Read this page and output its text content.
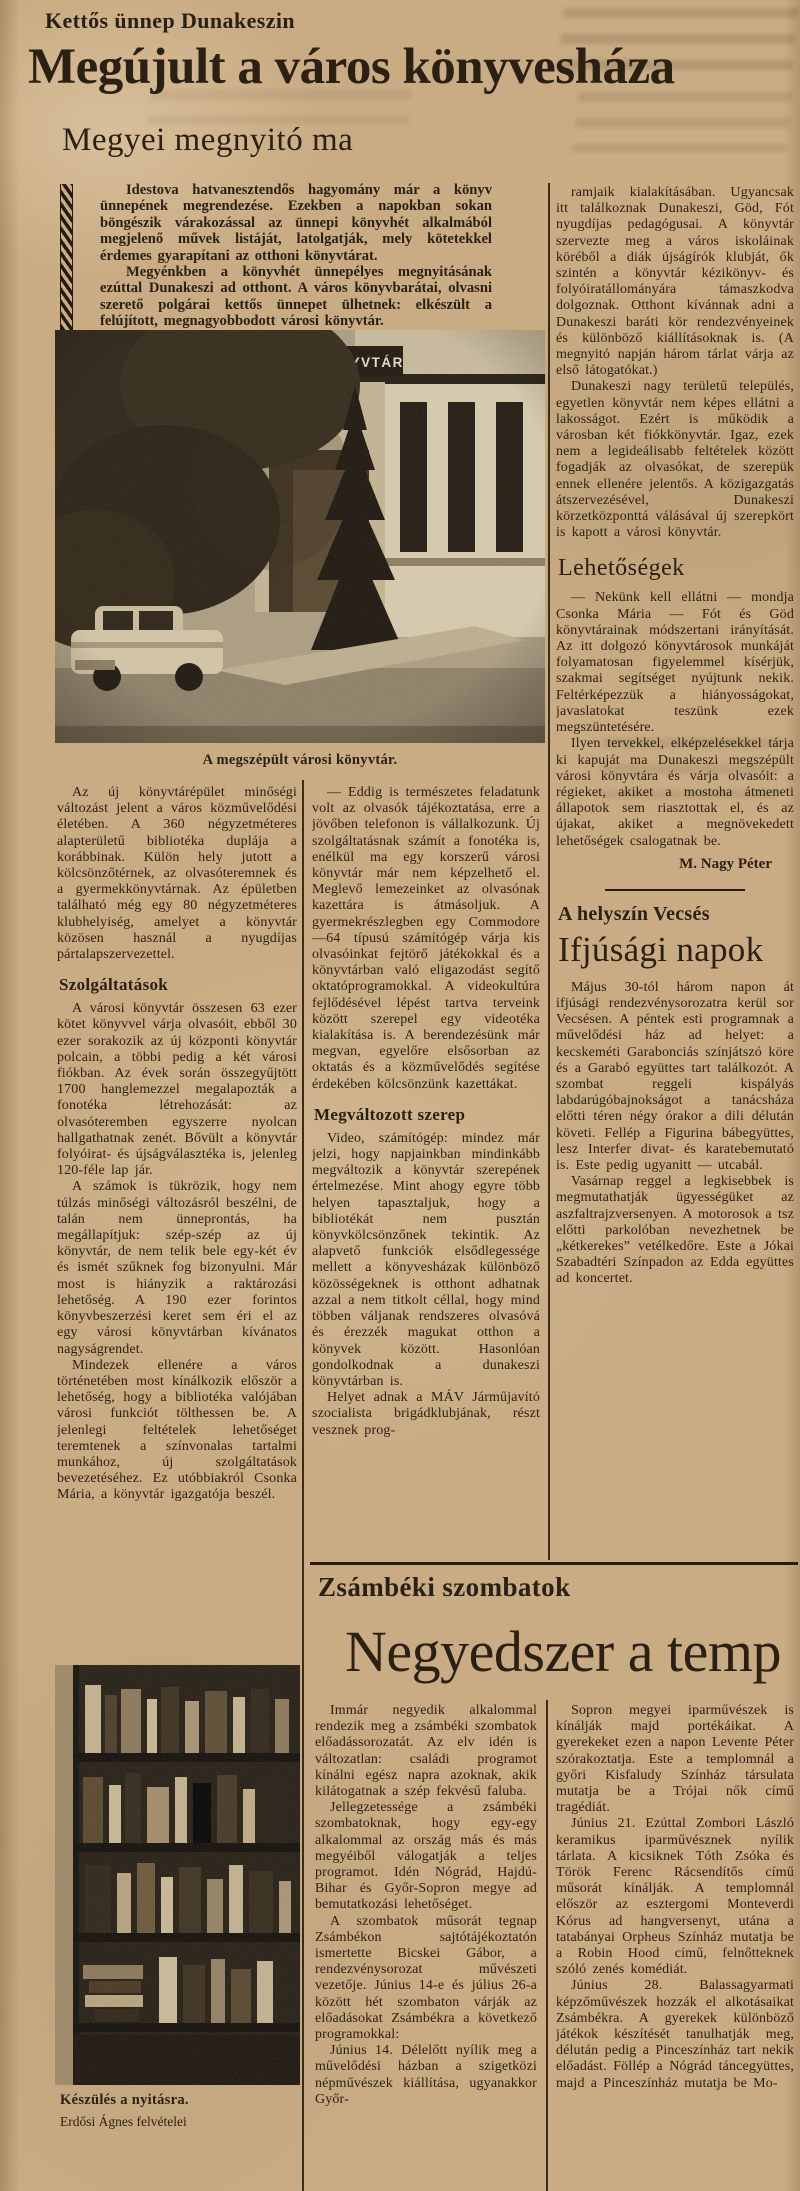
Kettős ünnep Dunakeszin
Megújult a város könyvesháza
Megyei megnyitó ma

Idestova hatvanesztendős hagyomány már a könyv ünnepének megrendezése. Ezekben a napokban sokan böngészik várakozással az ünnepi könyvhét alkalmából megjelenő művek listáját, latolgatják, mely kötetekkel érdemes gyarapítani az otthoni könyvtárat.

Megyénkben a könyvhét ünnepélyes megnyitásának ezúttal Dunakeszi ad otthont. A város könyvbarátai, olvasni szerető polgárai kettős ünnepet ülhetnek: elkészült a felújított, megnagyobbodott városi könyvtár.

A megszépült városi könyvtár.

Az új könyvtárépület minőségi változást jelent a város közművelődési életében. A 360 négyzetméteres alapterületű bibliotéka duplája a korábbinak. Külön hely jutott a kölcsönzőtérnek, az olvasóteremnek és a gyermekkönyvtárnak. Az épületben található még egy 80 négyzetméteres klubhelyiség, amelyet a könyvtár közösen használ a nyugdíjas pártalapszervezettel.

Szolgáltatások

A városi könyvtár összesen 63 ezer kötet könyvvel várja olvasóit, ebből 30 ezer sorakozik az új központi könyvtár polcain, a többi pedig a két városi fiókban. Az évek során összegyűjtött 1700 hanglemezzel megalapozták a fonotéka létrehozását: az olvasóteremben egyszerre nyolcan hallgathatnak zenét. Bővült a könyvtár folyóirat- és újságválasztéka is, jelenleg 120-féle lap jár.

A számok is tükrözik, hogy nem túlzás minőségi változásról beszélni, de talán nem ünneprontás, ha megállapítjuk: szép-szép az új könyvtár, de nem telik bele egy-két év és ismét szűknek fog bizonyulni. Már most is hiányzik a raktározási lehetőség. A 190 ezer forintos könyvbeszerzési keret sem éri el az egy városi könyvtárban kívánatos nagyságrendet.

Mindezek ellenére a város történetében most kínálkozik először a lehetőség, hogy a bibliotéka valójában városi funkciót tölthessen be. A jelenlegi feltételek lehetőséget teremtenek a színvonalas tartalmi munkához, új szolgáltatások bevezetéséhez. Ez utóbbiakról Csonka Mária, a könyvtár igazgatója beszél.

— Eddig is természetes feladatunk volt az olvasók tájékoztatása, erre a jövőben telefonon is vállalkozunk. Új szolgáltatásnak számít a fonotéka is, enélkül ma egy korszerű városi könyvtár már nem képzelhető el. Meglevő lemezeinket az olvasónak kazettára is átmásoljuk. A gyermekrészlegben egy Commodore—64 típusú számítógép várja kis olvasóinkat fejtörő játékokkal és a könyvtárban való eligazodást segítő oktatóprogramokkal. A videokultúra fejlődésével lépést tartva terveink között szerepel egy videotéka kialakítása is. A berendezésünk már megvan, egyelőre elsősorban az oktatás és a közművelődés segítése érdekében kölcsönzünk kazettákat.

Megváltozott szerep

Video, számítógép: mindez már jelzi, hogy napjainkban mindinkább megváltozik a könyvtár szerepének értelmezése. Mint ahogy egyre több helyen tapasztaljuk, hogy a bibliotékát nem pusztán könyvkölcsönzőnek tekintik. Az alapvető funkciók elsődlegessége mellett a könyvesházak különböző közösségeknek is otthont adhatnak azzal a nem titkolt céllal, hogy mind többen váljanak rendszeres olvasóvá és érezzék magukat otthon a könyvek között. Hasonlóan gondolkodnak a dunakeszi könyvtárban is.

Helyet adnak a MÁV Járműjavító szocialista brigádklubjának, részt vesznek prog-

ramjaik kialakításában. Ugyancsak itt találkoznak Dunakeszi, Göd, Fót nyugdíjas pedagógusai. A könyvtár szervezte meg a város iskoláinak köréből a diák újságírók klubját, ők szintén a könyvtár kézikönyv- és folyóiratállományára támaszkodva dolgoznak. Otthont kívánnak adni a Dunakeszi baráti kör rendezvényeinek és különböző kiállításoknak is. (A megnyitó napján három tárlat várja az első látogatókat.)

Dunakeszi nagy területű település, egyetlen könyvtár nem képes ellátni a lakosságot. Ezért is működik a városban két fiókkönyvtár. Igaz, ezek nem a legideálisabb feltételek között fogadják az olvasókat, de szerepük ennek ellenére jelentős. A közigazgatás átszervezésével, Dunakeszi körzetközponttá válásával új szerepkört is kapott a városi könyvtár.

Lehetőségek

— Nekünk kell ellátni — mondja Csonka Mária — Fót és Göd könyvtárainak módszertani irányítását. Az itt dolgozó könyvtárosok munkáját folyamatosan figyelemmel kísérjük, szakmai segítséget nyújtunk nekik. Feltérképezzük a hiányosságokat, javaslatokat teszünk ezek megszüntetésére.

Ilyen tervekkel, elképzelésekkel tárja ki kapuját ma Dunakeszi megszépült városi könyvtára és várja olvasóit: a régieket, akiket a mostoha átmeneti állapotok sem riasztottak el, és az újakat, akiket a megnövekedett lehetőségek csalogatnak be.

M. Nagy Péter
A helyszín Vecsés
Ifjúsági napok

Május 30-tól három napon át ifjúsági rendezvénysorozatra kerül sor Vecsésen. A péntek esti programnak a művelődési ház ad helyet: a kecskeméti Garabonciás színjátszó köre és a Garabó együttes tart találkozót. A szombat reggeli kispályás labdarúgóbajnokságot a tanácsháza előtti téren négy órakor a dili délután követi. Fellép a Figurina bábegyüttes, lesz Interfer divat- és karatebemutató is. Este pedig ugyanitt — utcabál.

Vasárnap reggel a legkisebbek is megmutathatják ügyességüket az aszfaltrajzversenyen. A motorosok a tsz előtti parkolóban nevezhetnek be „kétkerekes” vetélkedőre. Este a Jókai Szabadtéri Színpadon az Edda együttes ad koncertet.

Zsámbéki szombatok
Negyedszer a temp
Készülés a nyitásra.
Erdősi Ágnes felvételei

Immár negyedik alkalommal rendezik meg a zsámbéki szombatok előadássorozatát. Az elv idén is változatlan: családi programot kínálni egész napra azoknak, akik kilátogatnak a szép fekvésű faluba.

Jellegzetessége a zsámbéki szombatoknak, hogy egy-egy alkalommal az ország más és más megyéiből válogatják a teljes programot. Idén Nógrád, Hajdú-Bihar és Győr-Sopron megye ad bemutatkozási lehetőséget.

A szombatok műsorát tegnap Zsámbékon sajtótájékoztatón ismertette Bicskei Gábor, a rendezvénysorozat művészeti vezetője. Június 14-e és július 26-a között hét szombaton várják az előadásokat Zsámbékra a következő programokkal:

Június 14. Délelőtt nyílik meg a művelődési házban a szigetközi népművészek kiállítása, ugyanakkor Győr-

Sopron megyei iparművészek is kínálják majd portékáikat. A gyerekeket ezen a napon Levente Péter szórakoztatja. Este a templomnál a győri Kisfaludy Színház társulata mutatja be a Trójai nők című tragédiát.

Június 21. Ezúttal Zombori László keramikus iparművésznek nyílik tárlata. A kicsiknek Tóth Zsóka és Török Ferenc Rácsendítős című műsorát kínálják. A templomnál először az esztergomi Monteverdi Kórus ad hangversenyt, utána a tatabányai Orpheus Színház mutatja be a Robin Hood című, felnőtteknek szóló zenés komédiát.

Június 28. Balassagyarmati képzőművészek hozzák el alkotásaikat Zsámbékra. A gyerekek különböző játékok készítését tanulhatják meg, délután pedig a Pinceszínház tart nekik előadást. Föllép a Nógrád táncegyüttes, majd a Pinceszínház mutatja be Mo-
